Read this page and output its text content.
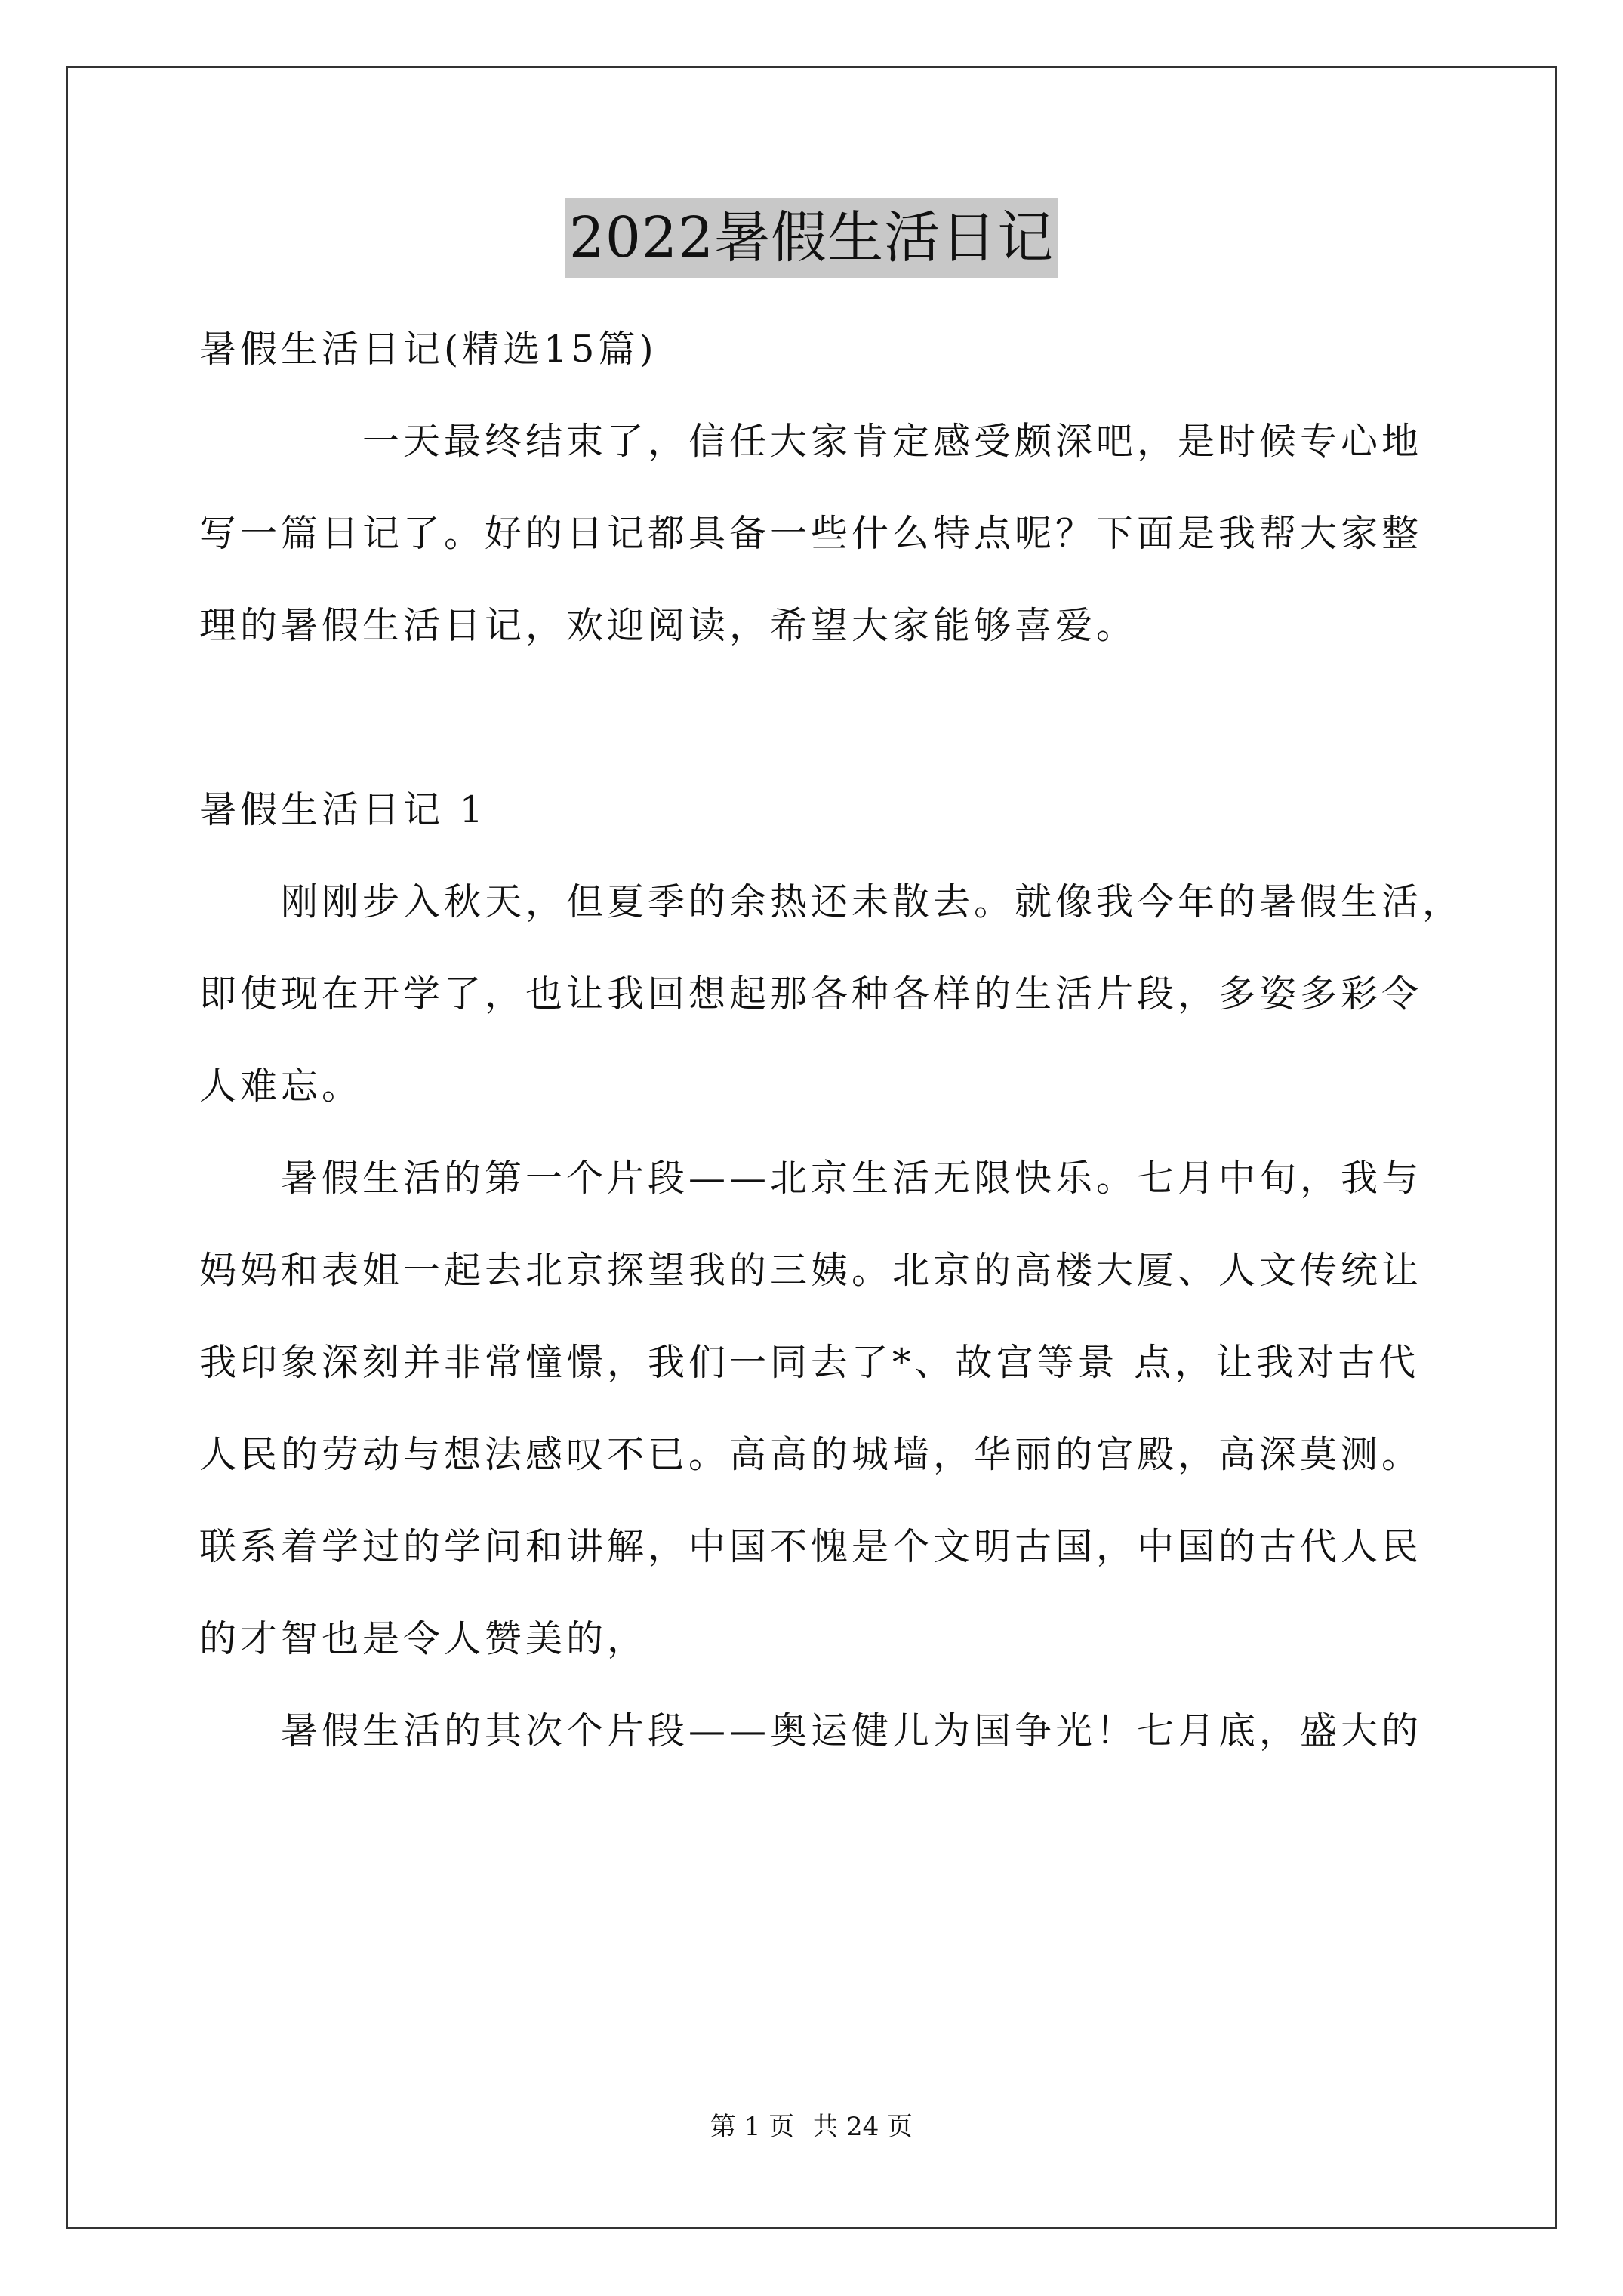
2022暑假生活日记
暑假生活日记(精选15篇)
一天最终结束了，信任大家肯定感受颇深吧，是时候专心地
写一篇日记了。好的日记都具备一些什么特点呢？下面是我帮大家整
理的暑假生活日记，欢迎阅读，希望大家能够喜爱。
暑假生活日记 1
刚刚步入秋天，但夏季的余热还未散去。就像我今年的暑假生活，
即使现在开学了，也让我回想起那各种各样的生活片段，多姿多彩令
人难忘。
暑假生活的第一个片段——北京生活无限快乐。七月中旬，我与
妈妈和表姐一起去北京探望我的三姨。北京的高楼大厦、人文传统让
我印象深刻并非常憧憬，我们一同去了*、故宫等景 点，让我对古代
人民的劳动与想法感叹不已。高高的城墙，华丽的宫殿，高深莫测。
联系着学过的学问和讲解，中国不愧是个文明古国，中国的古代人民
的才智也是令人赞美的，
暑假生活的其次个片段——奥运健儿为国争光！七月底，盛大的
第 1 页 共 24 页
